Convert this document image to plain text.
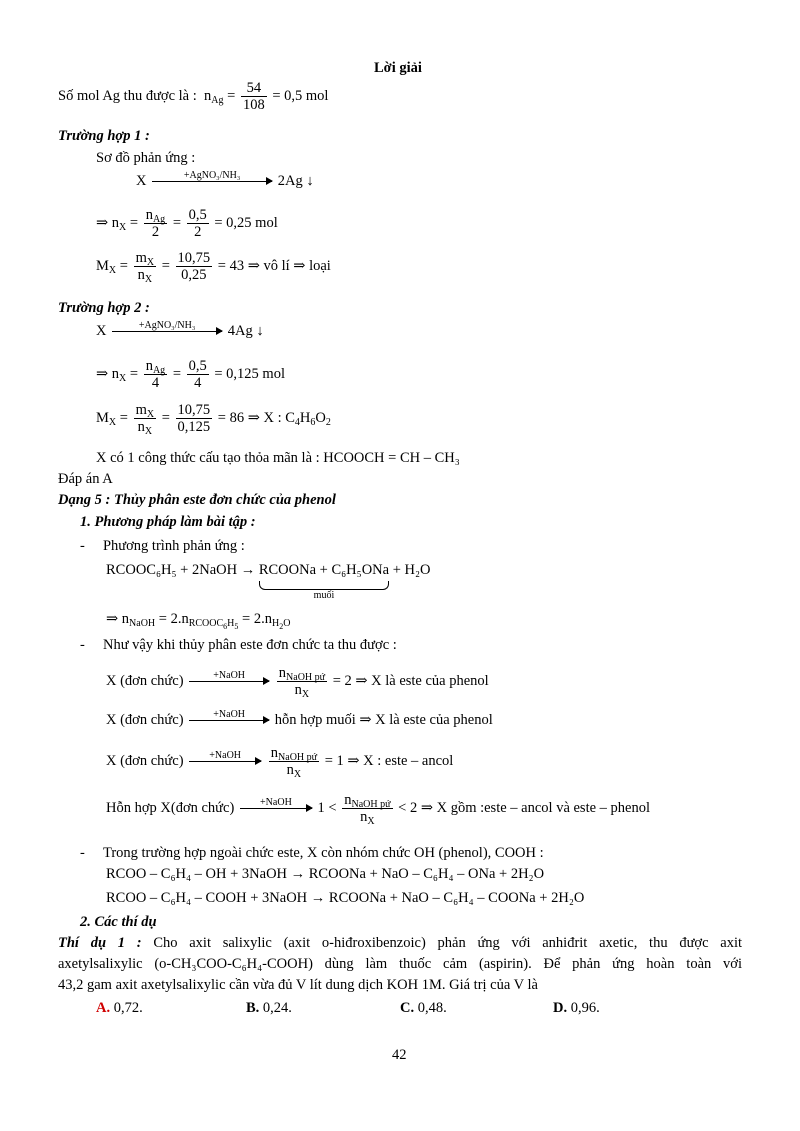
Lời giải
Số mol Ag thu được là : $n_{Ag} = \frac{54}{108} = 0,5$ mol
Trường hợp 1 :
Sơ đồ phản ứng :
X	+AgNO₃/NH₃	2Ag ↓
⇒ $n_X = \frac{n_{Ag}}{2} = \frac{0,5}{2} = 0,25$ mol
$M_X = \frac{m_X}{n_X} = \frac{10,75}{0,25} = 43$ ⇒ vô lí ⇒ loại
Trường hợp 2 :
X	+AgNO₃/NH₃	4Ag ↓
⇒ $n_X = \frac{n_{Ag}}{4} = \frac{0,5}{4} = 0,125$ mol
$M_X = \frac{m_X}{n_X} = \frac{10,75}{0,125} = 86$ ⇒ X : $C_4H_6O_2$
X có 1 công thức cấu tạo thỏa mãn là : HCOOCH = CH – CH₃
Đáp án A
Dạng 5 : Thủy phân este đơn chức của phenol
1. Phương pháp làm bài tập :
-     Phương trình phản ứng :
RCOOC₆H₅ + 2NaOH → RCOONa + C₆H₅ONa
muối
+ H₂O
⇒ $n_{NaOH} = 2.n_{RCOOC_6H_5} = 2.n_{H_2O}$
-     Như vậy khi thủy phân este đơn chức ta thu được :
X (đơn chức)	+NaOH
	$\frac{n_{NaOH pứ}}{n_X} = 2$ ⇒ X là este của phenol
X (đơn chức)	+NaOH	hỗn hợp muối ⇒ X là este của phenol
X (đơn chức)	+NaOH
	$\frac{n_{NaOH pứ}}{n_X} = 1$ ⇒ X : este – ancol
Hỗn hợp X(đơn chức)	+NaOH	$1 < \frac{n_{NaOH pứ}}{n_X} < 2$ ⇒ X gồm :este – ancol và este – phenol
-     Trong trường hợp ngoài chức este, X còn nhóm chức OH (phenol), COOH :
RCOO – C₆H₄ – OH + 3NaOH → RCOONa + NaO – C₆H₄ – ONa + 2H₂O
RCOO – C₆H₄ – COOH + 3NaOH → RCOONa + NaO – C₆H₄ – COONa + 2H₂O
2. Các thí dụ
Thí dụ 1 : Cho axit salixylic (axit o-hiđroxibenzoic) phản ứng với anhiđrit axetic, thu được axit
axetylsalixylic (o-CH₃COO-C₆H₄-COOH) dùng làm thuốc cảm (aspirin). Để phản ứng hoàn toàn với
43,2 gam axit axetylsalixylic cần vừa đủ V lít dung dịch KOH 1M. Giá trị của V là
A. 0,72.	B. 0,24.	C. 0,48.	D. 0,96.
42
